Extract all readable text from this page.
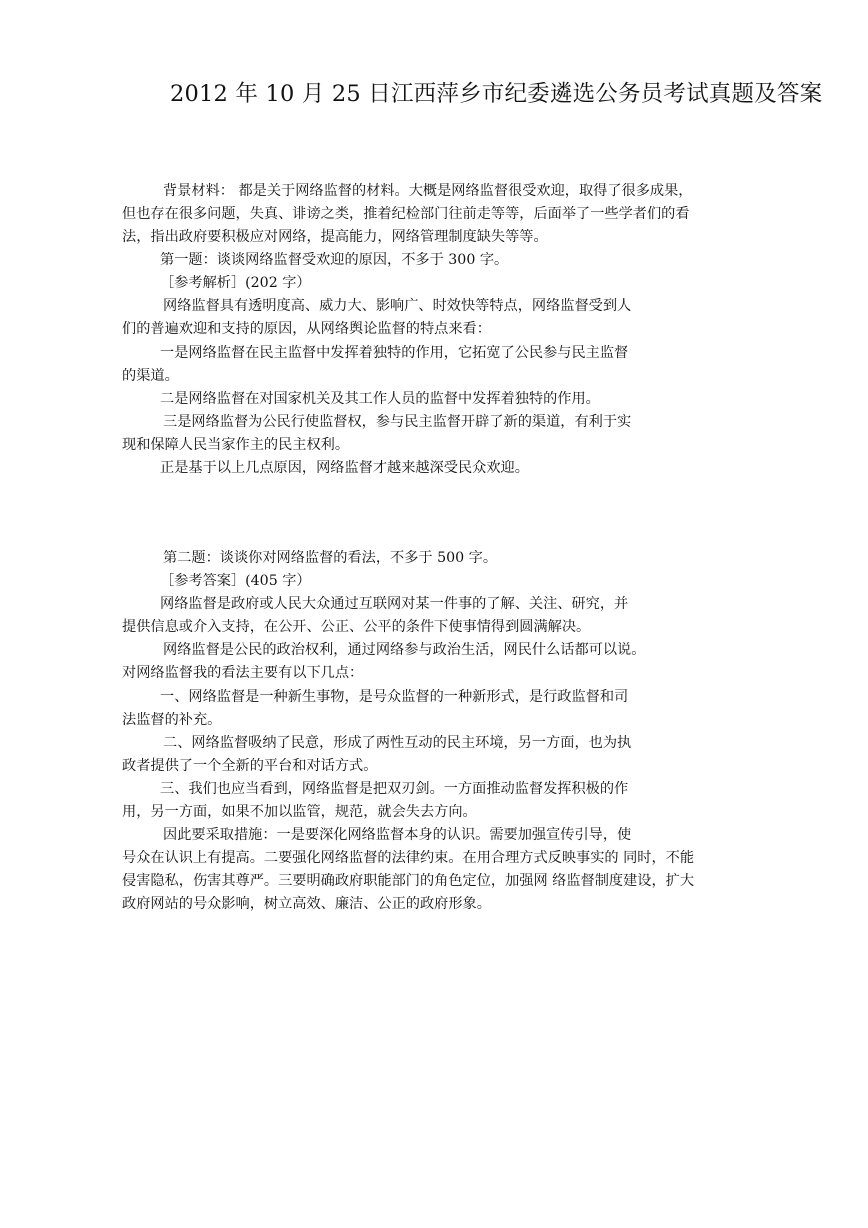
2012 年 10 月 25 日江西萍乡市纪委遴选公务员考试真题及答案
背景材料： 都是关于网络监督的材料。大概是网络监督很受欢迎，取得了很多成果，
但也存在很多问题，失真、诽谤之类，推着纪检部门往前走等等，后面举了一些学者们的看
法，指出政府要积极应对网络，提高能力，网络管理制度缺失等等。
第一题：谈谈网络监督受欢迎的原因，不多于 300 字。
［参考解析］(202 字）
网络监督具有透明度高、威力大、影响广、时效快等特点，网络监督受到人
们的普遍欢迎和支持的原因，从网络舆论监督的特点来看：
一是网络监督在民主监督中发挥着独特的作用，它拓宽了公民参与民主监督
的渠道。
二是网络监督在对国家机关及其工作人员的监督中发挥着独特的作用。
三是网络监督为公民行使监督权，参与民主监督开辟了新的渠道，有利于实
现和保障人民当家作主的民主权利。
正是基于以上几点原因，网络监督才越来越深受民众欢迎。
第二题：谈谈你对网络监督的看法，不多于 500 字。
［参考答案］(405 字）
网络监督是政府或人民大众通过互联网对某一件事的了解、关注、研究，并
提供信息或介入支持，在公开、公正、公平的条件下使事情得到圆满解决。
网络监督是公民的政治权利，通过网络参与政治生活，网民什么话都可以说。
对网络监督我的看法主要有以下几点：
一、网络监督是一种新生事物，是号众监督的一种新形式，是行政监督和司
法监督的补充。
二、网络监督吸纳了民意，形成了两性互动的民主环境，另一方面，也为执
政者提供了一个全新的平台和对话方式。
三、我们也应当看到，网络监督是把双刃剑。一方面推动监督发挥积极的作
用，另一方面，如果不加以监管，规范，就会失去方向。
因此要采取措施：一是要深化网络监督本身的认识。需要加强宣传引导，使
号众在认识上有提高。二要强化网络监督的法律约束。在用合理方式反映事实的 同时，不能
侵害隐私，伤害其尊严。三要明确政府职能部门的角色定位，加强网 络监督制度建设，扩大
政府网站的号众影响，树立高效、廉洁、公正的政府形象。
